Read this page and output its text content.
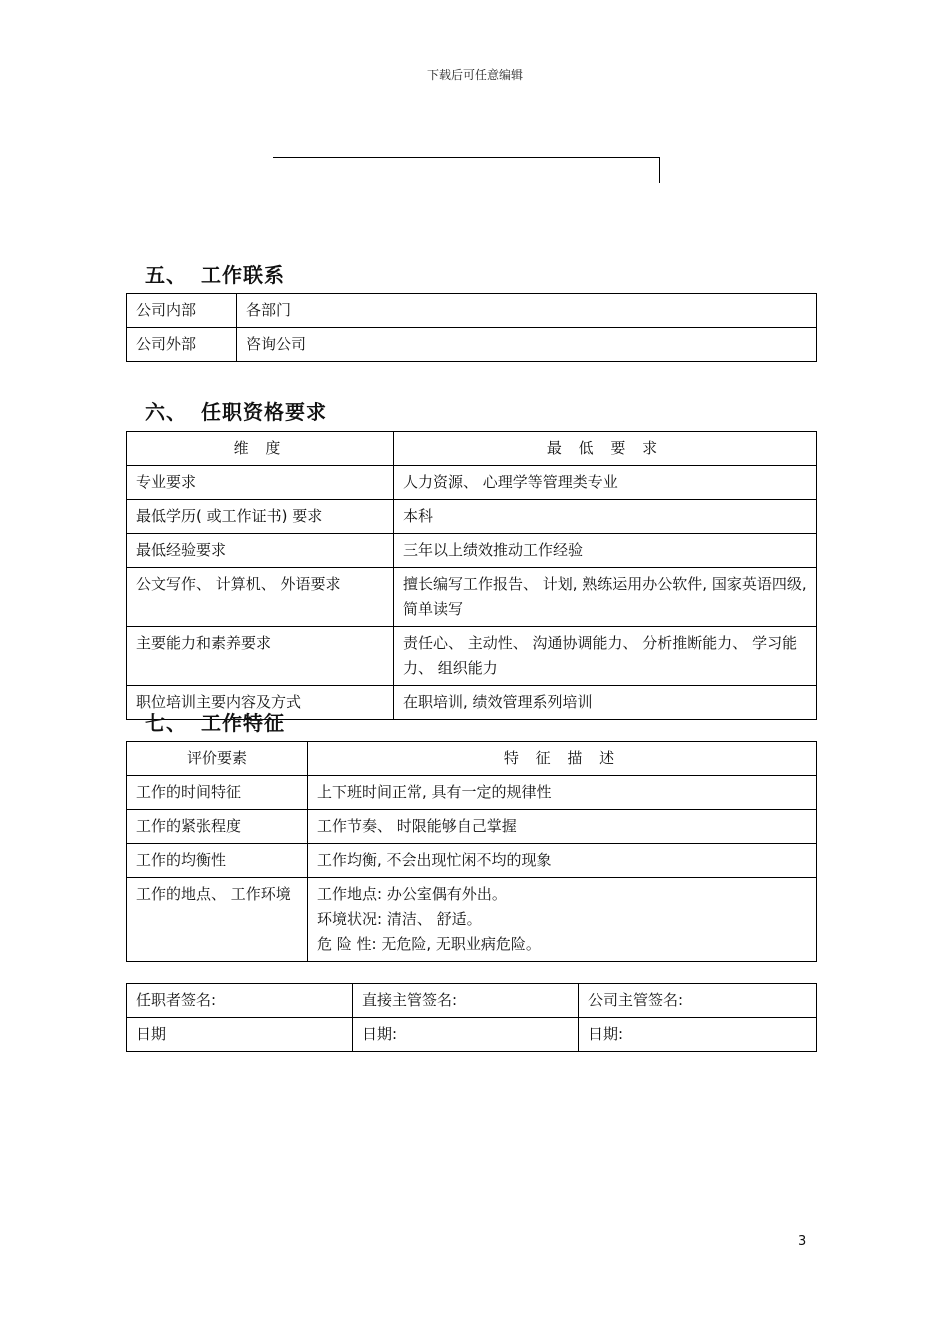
下载后可任意编辑
五、 工作联系
公司内部	各部门
公司外部	咨询公司
六、 任职资格要求
维 度	最 低 要 求
专业要求	人力资源、 心理学等管理类专业
最低学历( 或工作证书) 要求	本科
最低经验要求	三年以上绩效推动工作经验
公文写作、 计算机、 外语要求	擅长编写工作报告、 计划, 熟练运用办公软件, 国家英语四级, 简单读写
主要能力和素养要求	责任心、 主动性、 沟通协调能力、 分析推断能力、 学习能力、 组织能力
职位培训主要内容及方式	在职培训, 绩效管理系列培训
七、 工作特征
评价要素	特 征 描 述
工作的时间特征	上下班时间正常, 具有一定的规律性
工作的紧张程度	工作节奏、 时限能够自己掌握
工作的均衡性	工作均衡, 不会出现忙闲不均的现象
工作的地点、 工作环境	工作地点: 办公室偶有外出。
环境状况: 清洁、 舒适。
危 险 性: 无危险, 无职业病危险。
任职者签名:	直接主管签名:	公司主管签名:
日期	日期:	日期:
3
